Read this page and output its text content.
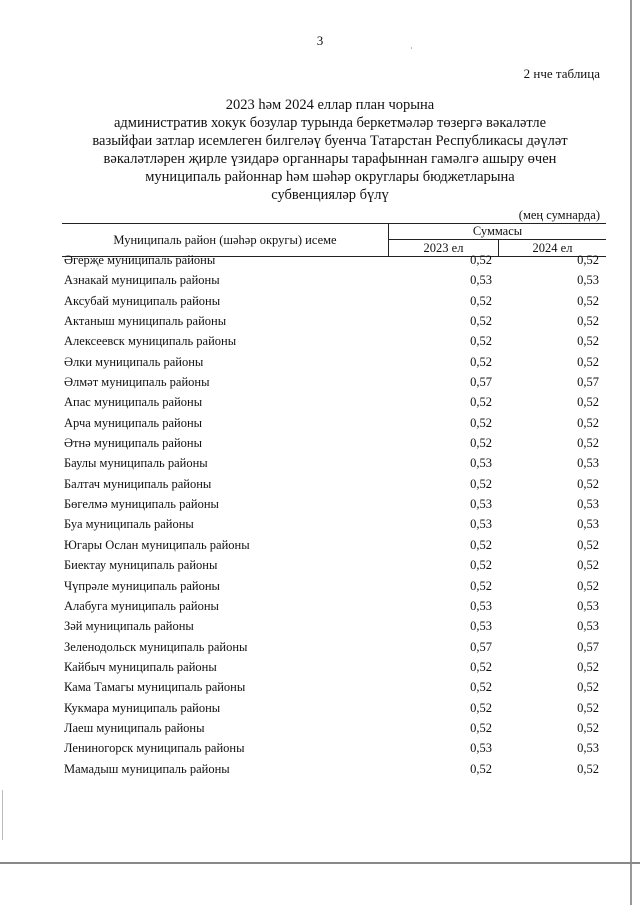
3
·
2 нче таблица
2023 һәм 2024 еллар план чорына
административ хокук бозулар турында беркетмәләр төзергә вәкаләтле
вазыйфаи затлар исемлеген билгеләү буенча Татарстан Республикасы дәүләт
вәкаләтләрен җирле үзидарә органнары тарафыннан гамәлгә ашыру өчен
муниципаль районнар һәм шәһәр округлары бюджетларына
субвенцияләр бүлү
(мең сумнарда)
Муниципаль район (шәһәр округы) исеме
Суммасы
2023 ел	2024 ел
Әгерҗе муниципаль районы	0,52	0,52
Азнакай муниципаль районы	0,53	0,53
Аксубай муниципаль районы	0,52	0,52
Актаныш муниципаль районы	0,52	0,52
Алексеевск муниципаль районы	0,52	0,52
Әлки муниципаль районы	0,52	0,52
Әлмәт муниципаль районы	0,57	0,57
Апас муниципаль районы	0,52	0,52
Арча муниципаль районы	0,52	0,52
Әтнә муниципаль районы	0,52	0,52
Баулы муниципаль районы	0,53	0,53
Балтач муниципаль районы	0,52	0,52
Бөгелмә муниципаль районы	0,53	0,53
Буа муниципаль районы	0,53	0,53
Югары Ослан муниципаль районы	0,52	0,52
Биектау муниципаль районы	0,52	0,52
Чүпрәле муниципаль районы	0,52	0,52
Алабуга муниципаль районы	0,53	0,53
Зәй муниципаль районы	0,53	0,53
Зеленодольск муниципаль районы	0,57	0,57
Кайбыч муниципаль районы	0,52	0,52
Кама Тамагы муниципаль районы	0,52	0,52
Кукмара муниципаль районы	0,52	0,52
Лаеш муниципаль районы	0,52	0,52
Лениногорск муниципаль районы	0,53	0,53
Мамадыш муниципаль районы	0,52	0,52
